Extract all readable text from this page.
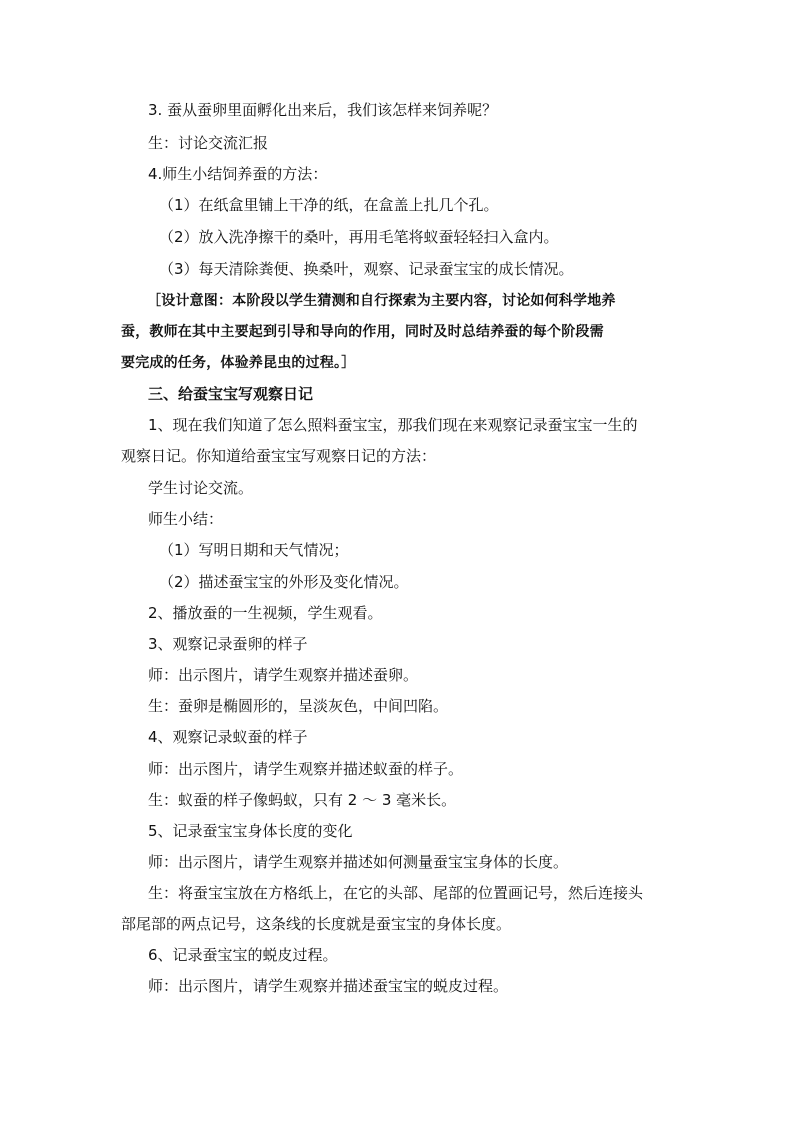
3. 蚕从蚕卵里面孵化出来后，我们该怎样来饲养呢？
生：讨论交流汇报
4.师生小结饲养蚕的方法：
（1）在纸盒里铺上干净的纸，在盒盖上扎几个孔。
（2）放入洗净擦干的桑叶，再用毛笔将蚁蚕轻轻扫入盒内。
（3）每天清除粪便、换桑叶，观察、记录蚕宝宝的成长情况。
［设计意图：本阶段以学生猜测和自行探索为主要内容，讨论如何科学地养
蚕，教师在其中主要起到引导和导向的作用，同时及时总结养蚕的每个阶段需
要完成的任务，体验养昆虫的过程。］
三、给蚕宝宝写观察日记
1、现在我们知道了怎么照料蚕宝宝，那我们现在来观察记录蚕宝宝一生的
观察日记。你知道给蚕宝宝写观察日记的方法：
学生讨论交流。
师生小结：
（1）写明日期和天气情况；
（2）描述蚕宝宝的外形及变化情况。
2、播放蚕的一生视频，学生观看。
3、观察记录蚕卵的样子
师：出示图片，请学生观察并描述蚕卵。
生：蚕卵是椭圆形的，呈淡灰色，中间凹陷。
4、观察记录蚁蚕的样子
师：出示图片，请学生观察并描述蚁蚕的样子。
生：蚁蚕的样子像蚂蚁，只有 2 ～ 3 毫米长。
5、记录蚕宝宝身体长度的变化
师：出示图片，请学生观察并描述如何测量蚕宝宝身体的长度。
生：将蚕宝宝放在方格纸上，在它的头部、尾部的位置画记号，然后连接头
部尾部的两点记号，这条线的长度就是蚕宝宝的身体长度。
6、记录蚕宝宝的蜕皮过程。
师：出示图片，请学生观察并描述蚕宝宝的蜕皮过程。
